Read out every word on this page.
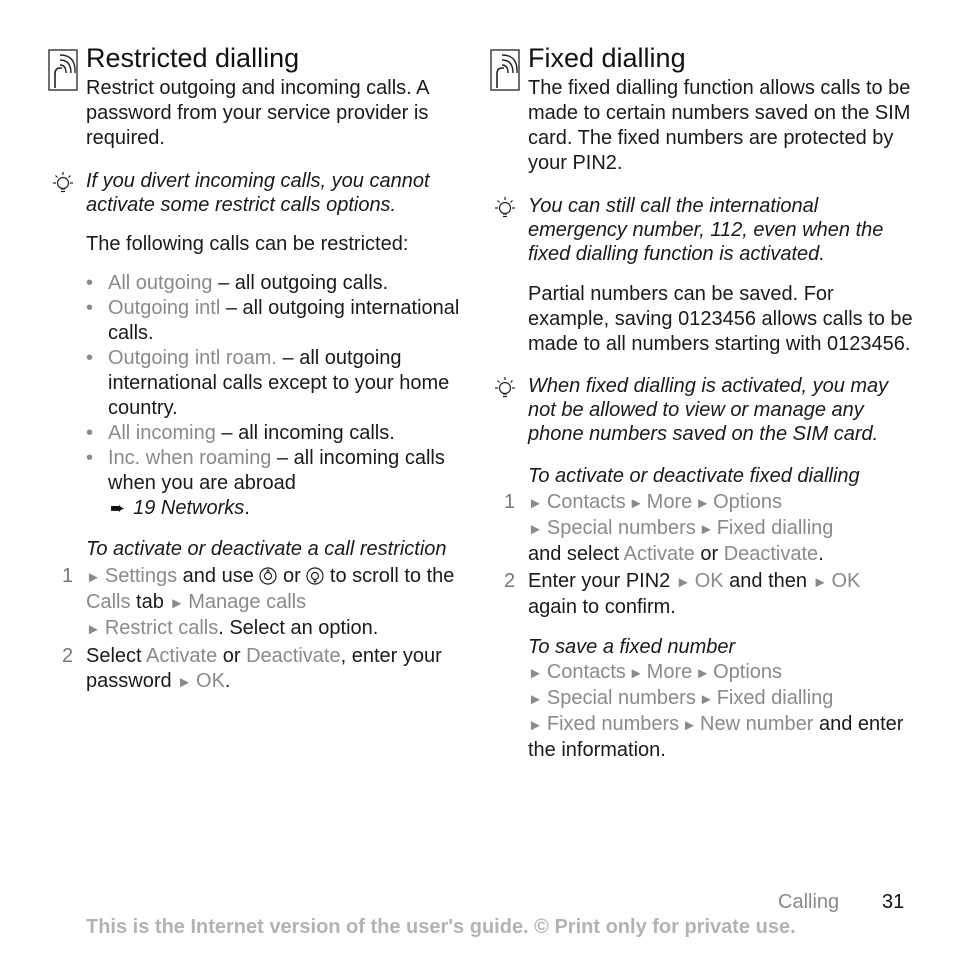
Restricted dialling

Restrict outgoing and incoming calls. A password from your service provider is required.

If you divert incoming calls, you cannot activate some restrict calls options.

The following calls can be restricted:

• All outgoing – all outgoing calls.
• Outgoing intl – all outgoing international calls.
• Outgoing intl roam. – all outgoing international calls except to your home country.
• All incoming – all incoming calls.
• Inc. when roaming – all incoming calls when you are abroad
➨ 19 Networks.

To activate or deactivate a call restriction

1 ► Settings and use  or  to scroll to the Calls tab ► Manage calls
► Restrict calls. Select an option.
2 Select Activate or Deactivate, enter your password ► OK.
Fixed dialling

The fixed dialling function allows calls to be made to certain numbers saved on the SIM card. The fixed numbers are protected by your PIN2.

You can still call the international emergency number, 112, even when the fixed dialling function is activated.

Partial numbers can be saved. For example, saving 0123456 allows calls to be made to all numbers starting with 0123456.

When fixed dialling is activated, you may not be allowed to view or manage any phone numbers saved on the SIM card.

To activate or deactivate fixed dialling

1 ► Contacts ► More ► Options
► Special numbers ► Fixed dialling
and select Activate or Deactivate.
2 Enter your PIN2 ► OK and then ► OK
again to confirm.

To save a fixed number

► Contacts ► More ► Options
► Special numbers ► Fixed dialling
► Fixed numbers ► New number and enter the information.

Calling 31
This is the Internet version of the user's guide. © Print only for private use.
